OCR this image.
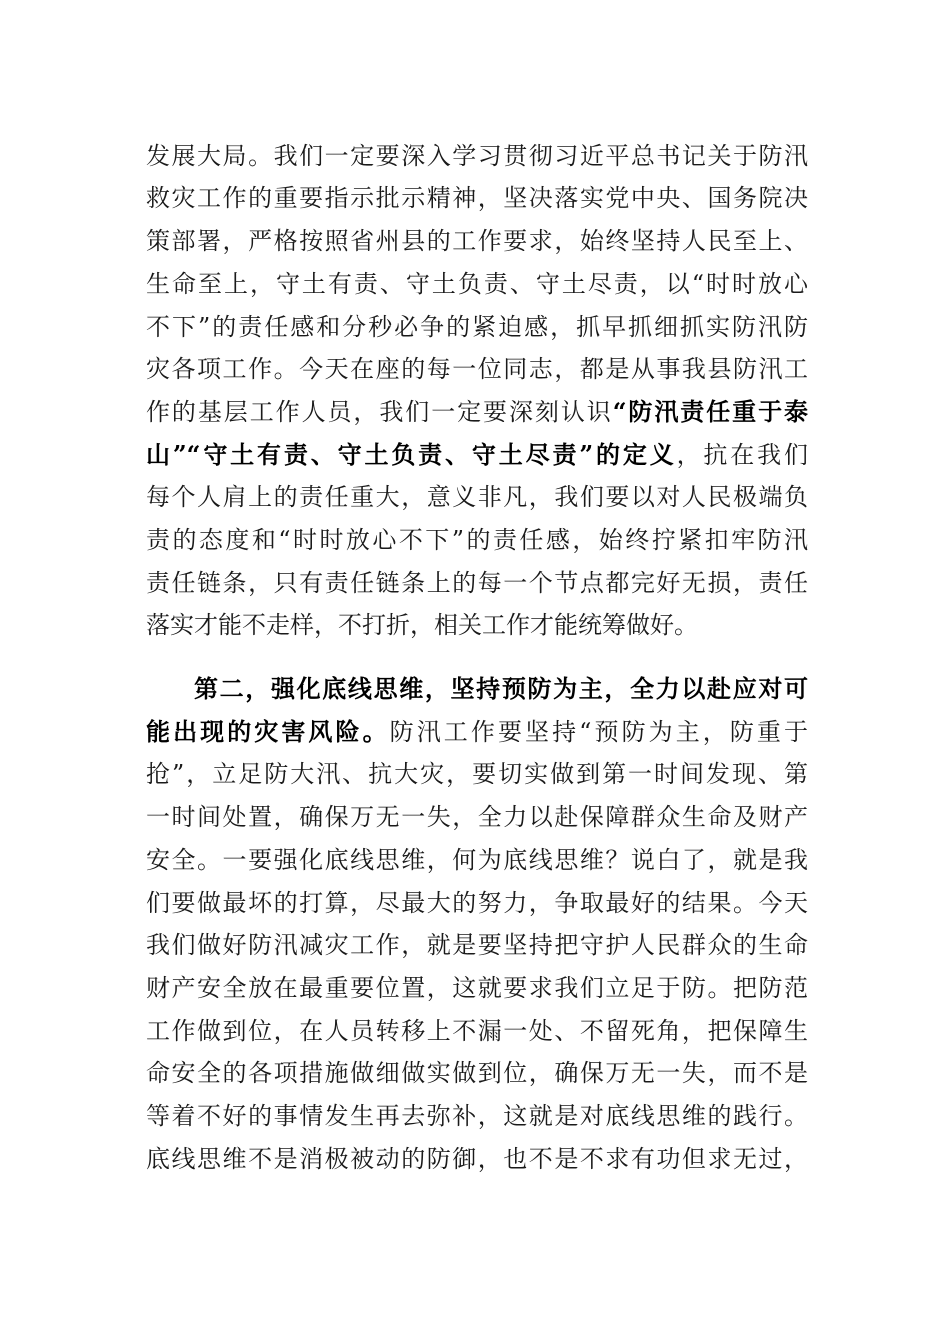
发展大局。我们一定要深入学习贯彻习近平总书记关于防汛
救灾工作的重要指示批示精神，坚决落实党中央、国务院决
策部署，严格按照省州县的工作要求，始终坚持人民至上、
生命至上，守土有责、守土负责、守土尽责，以“时时放心
不下”的责任感和分秒必争的紧迫感，抓早抓细抓实防汛防
灾各项工作。今天在座的每一位同志，都是从事我县防汛工
作的基层工作人员，我们一定要深刻认识“防汛责任重于泰
山”“守土有责、守土负责、守土尽责”的定义，抗在我们
每个人肩上的责任重大，意义非凡，我们要以对人民极端负
责的态度和“时时放心不下”的责任感，始终拧紧扣牢防汛
责任链条，只有责任链条上的每一个节点都完好无损，责任
落实才能不走样，不打折，相关工作才能统筹做好。
第二，强化底线思维，坚持预防为主，全力以赴应对可
能出现的灾害风险。防汛工作要坚持“预防为主，防重于
抢”，立足防大汛、抗大灾，要切实做到第一时间发现、第
一时间处置，确保万无一失，全力以赴保障群众生命及财产
安全。一要强化底线思维，何为底线思维？说白了，就是我
们要做最坏的打算，尽最大的努力，争取最好的结果。今天
我们做好防汛减灾工作，就是要坚持把守护人民群众的生命
财产安全放在最重要位置，这就要求我们立足于防。把防范
工作做到位，在人员转移上不漏一处、不留死角，把保障生
命安全的各项措施做细做实做到位，确保万无一失，而不是
等着不好的事情发生再去弥补，这就是对底线思维的践行。
底线思维不是消极被动的防御，也不是不求有功但求无过，
